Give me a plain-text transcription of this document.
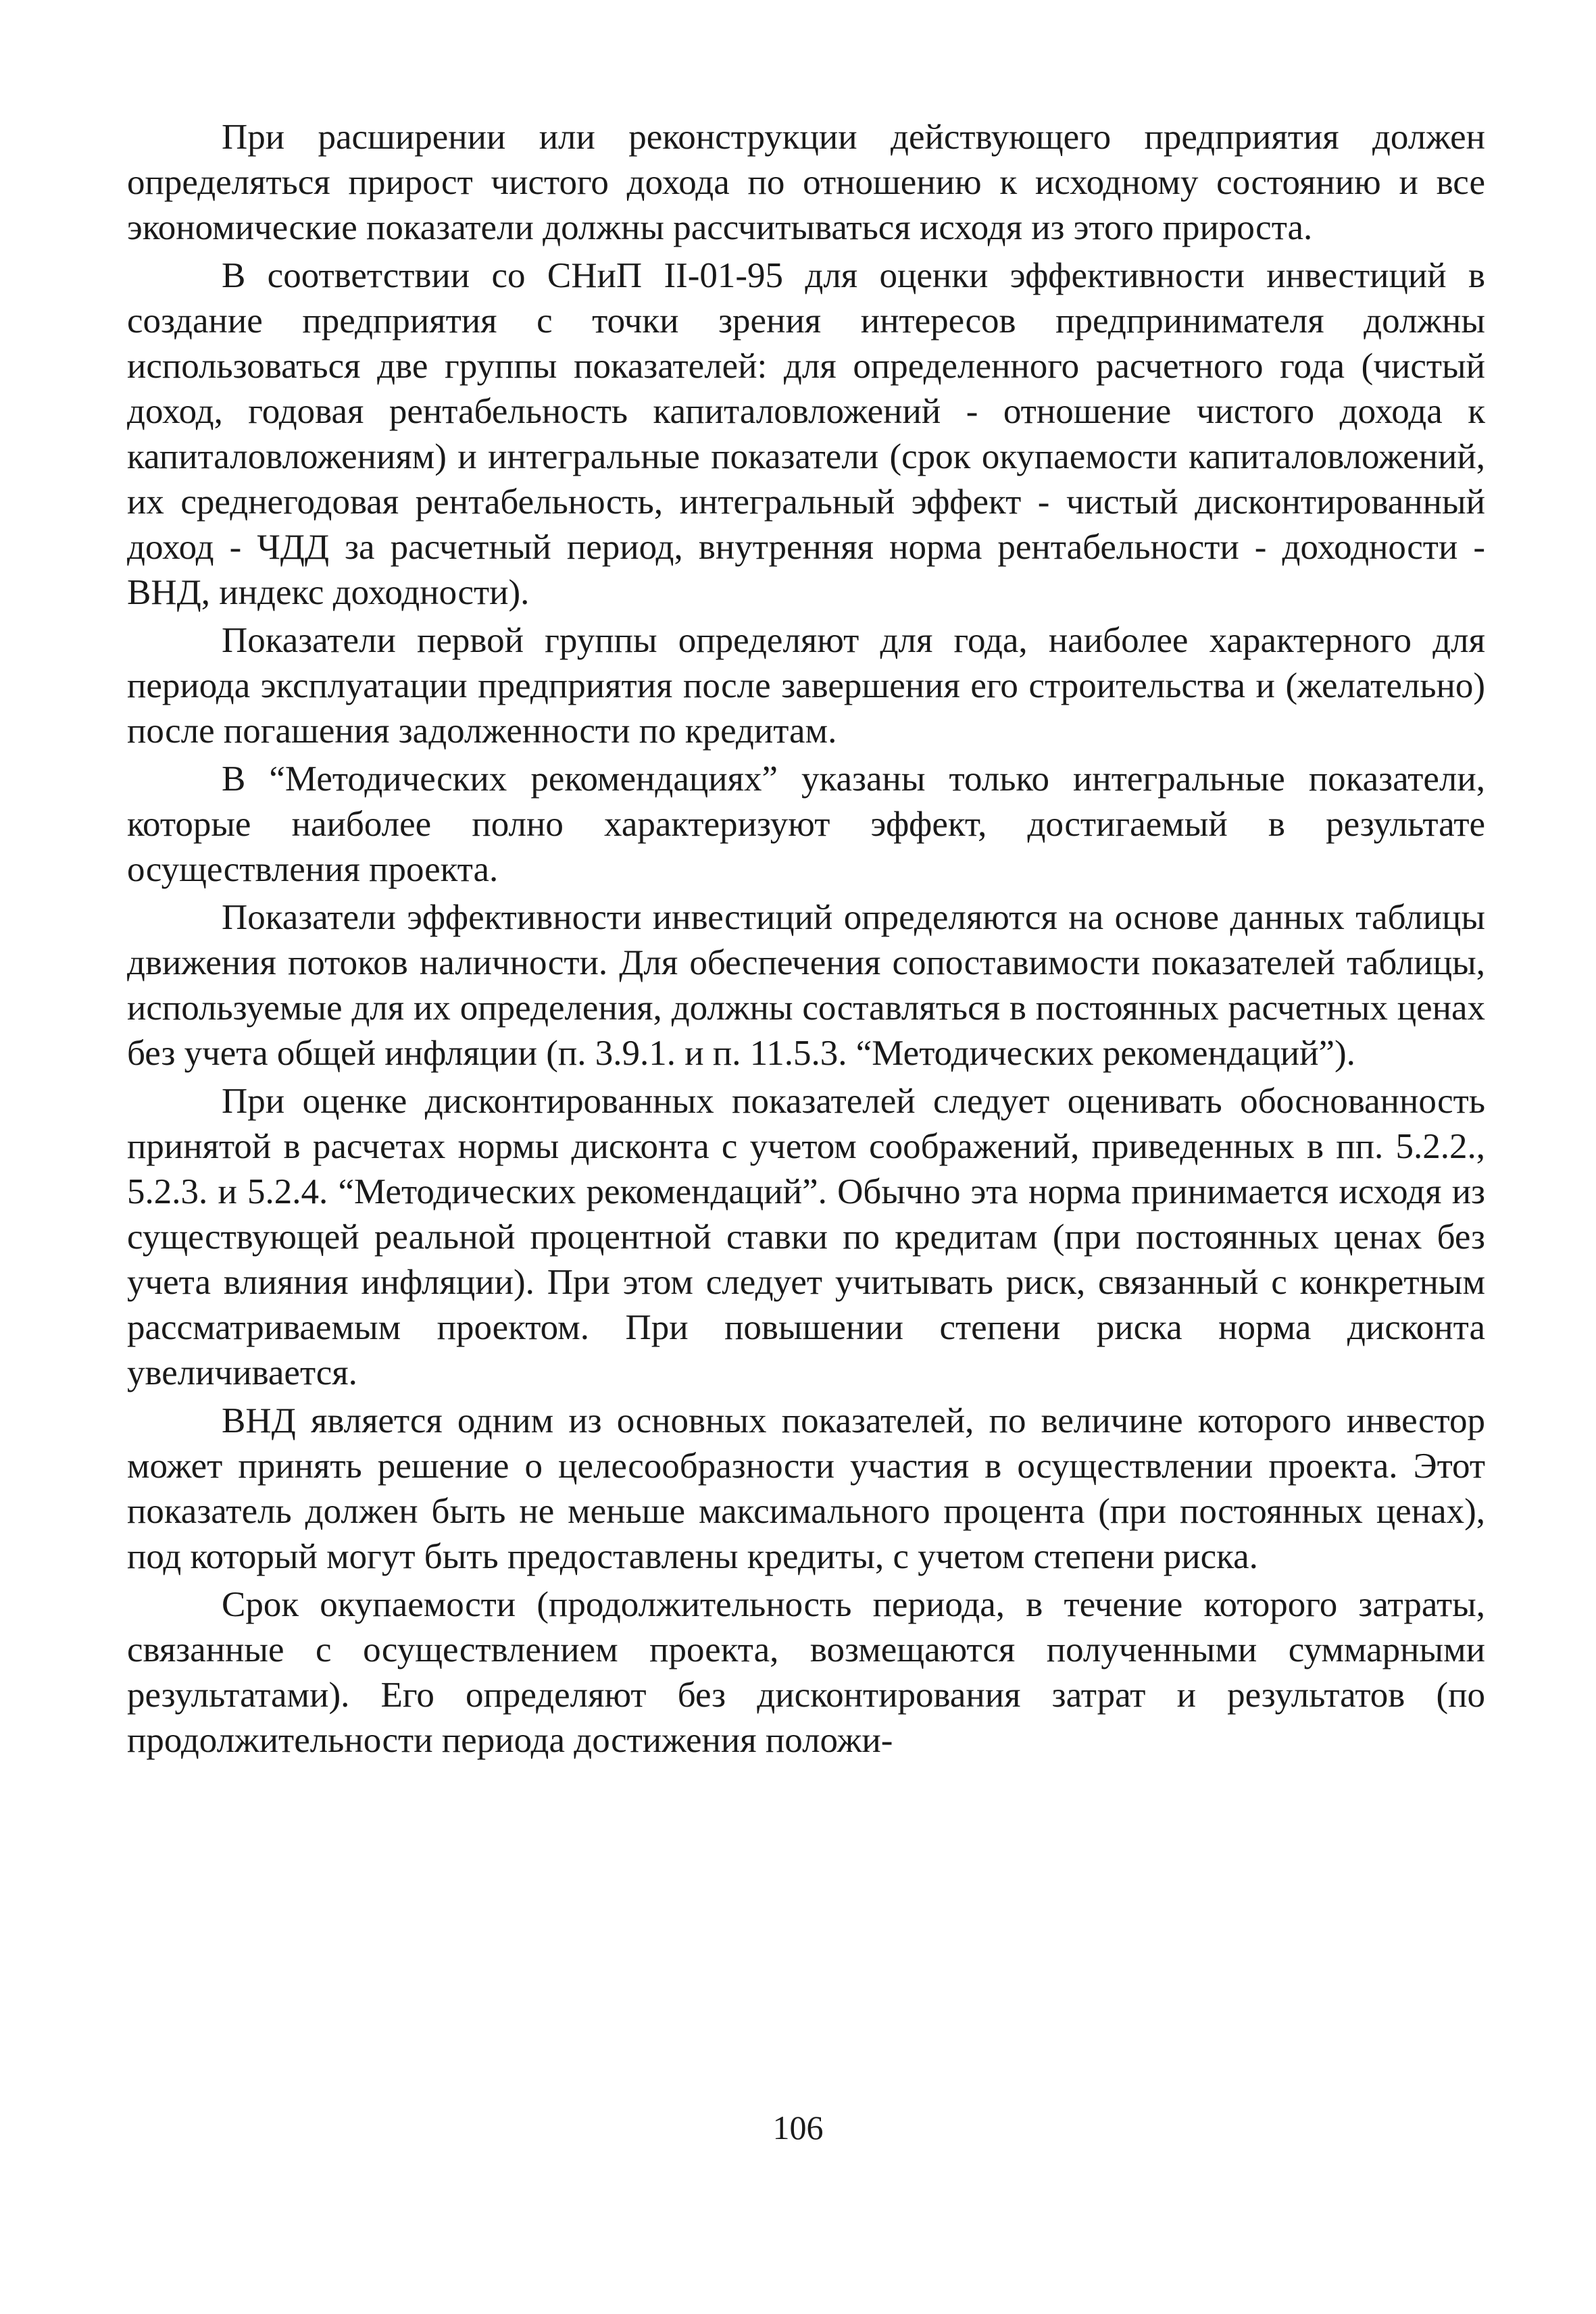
При расширении или реконструкции действующего предприятия должен определяться прирост чистого дохода по отношению к исходному состоянию и все экономические показатели должны рассчитываться исходя из этого прироста.

В соответствии со СНиП II-01-95 для оценки эффективности инвестиций в создание предприятия с точки зрения интересов предпринимателя должны использоваться две группы показателей: для определенного расчетного года (чистый доход, годовая рентабельность капиталовложений - отношение чистого дохода к капиталовложениям) и интегральные показатели (срок окупаемости капиталовложений, их среднегодовая рентабельность, интегральный эффект - чистый дисконтированный доход - ЧДД за расчетный период, внутренняя норма рентабельности - доходности - ВНД, индекс доходности).

Показатели первой группы определяют для года, наиболее характерного для периода эксплуатации предприятия после завершения его строительства и (желательно) после погашения задолженности по кредитам.

В “Методических рекомендациях” указаны только интегральные показатели, которые наиболее полно характеризуют эффект, достигаемый в результате осуществления проекта.

Показатели эффективности инвестиций определяются на основе данных таблицы движения потоков наличности. Для обеспечения сопоставимости показателей таблицы, используемые для их определения, должны составляться в постоянных расчетных ценах без учета общей инфляции (п. 3.9.1. и п. 11.5.3. “Методических рекомендаций”).

При оценке дисконтированных показателей следует оценивать обоснованность принятой в расчетах нормы дисконта с учетом соображений, приведенных в пп. 5.2.2., 5.2.3. и 5.2.4. “Методических рекомендаций”. Обычно эта норма принимается исходя из существующей реальной процентной ставки по кредитам (при постоянных ценах без учета влияния инфляции). При этом следует учитывать риск, связанный с конкретным рассматриваемым проектом. При повышении степени риска норма дисконта увеличивается.

ВНД является одним из основных показателей, по величине которого инвестор может принять решение о целесообразности участия в осуществлении проекта. Этот показатель должен быть не меньше максимального процента (при постоянных ценах), под который могут быть предоставлены кредиты, с учетом степени риска.

Срок окупаемости (продолжительность периода, в течение которого затраты, связанные с осуществлением проекта, возмещаются полученными суммарными результатами). Его определяют без дисконтирования затрат и результатов (по продолжительности периода достижения положи-

106
